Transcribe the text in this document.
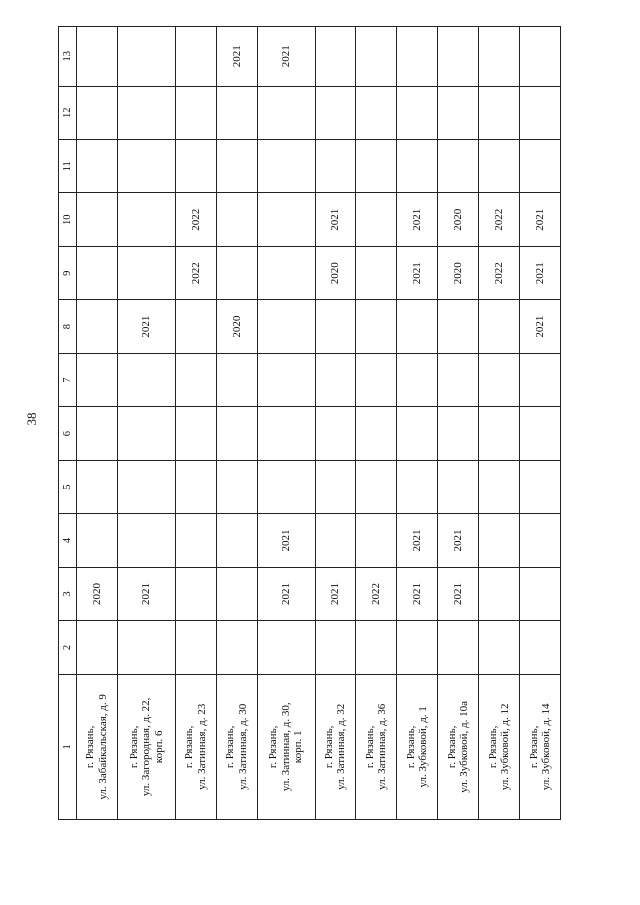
38
1	2	3	4	5	6	7	8	9	10	11	12	13

г. Рязань, ул. Забайкальская, д. 9		2020										

г. Рязань, ул. Загородная, д. 22, корп. 6		2021					2021					

г. Рязань, ул. Затинная, д. 23								2022	2022			

г. Рязань, ул. Затинная, д. 30							2020					2021

г. Рязань, ул. Затинная, д. 30, корп. 1		2021	2021									2021

г. Рязань, ул. Затинная, д. 32		2021						2020	2021			

г. Рязань, ул. Затинная, д. 36		2022										

г. Рязань, ул. Зубковой, д. 1		2021	2021					2021	2021			

г. Рязань, ул. Зубковой, д. 10а		2021	2021					2020	2020			

г. Рязань, ул. Зубковой, д. 12								2022	2022			

г. Рязань, ул. Зубковой, д. 14							2021	2021	2021			
